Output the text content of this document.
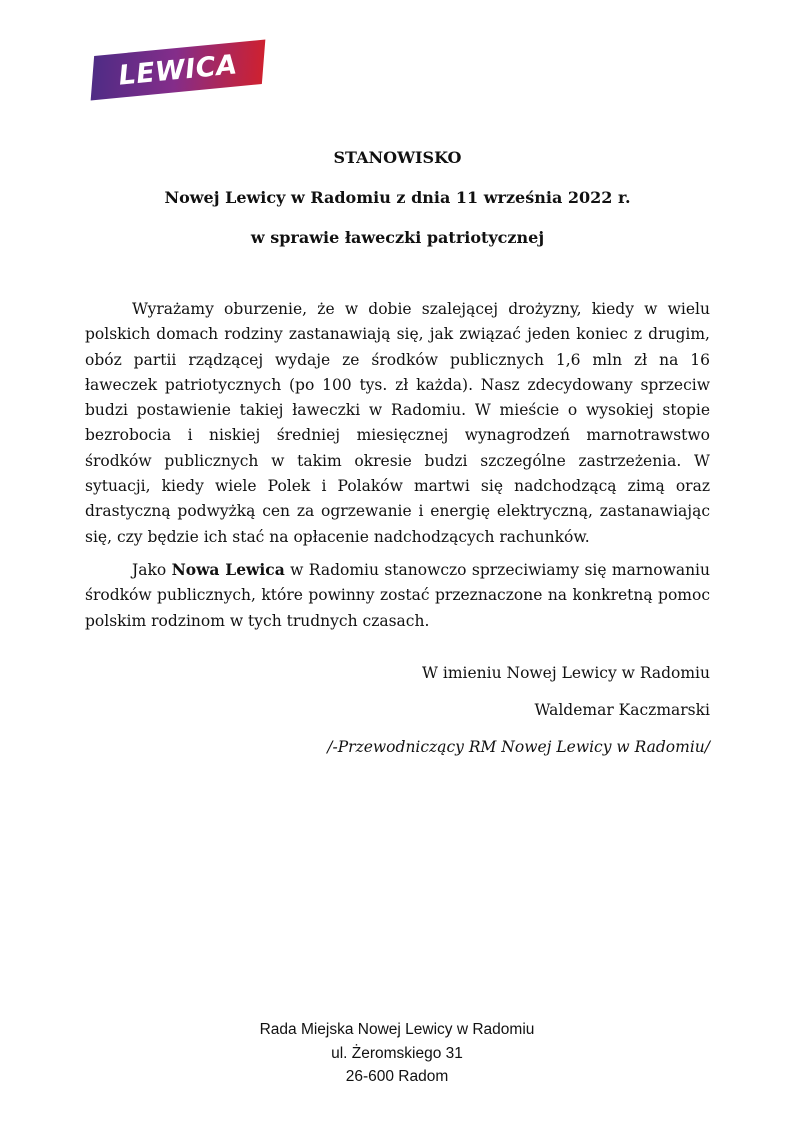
LEWICA

STANOWISKO

Nowej Lewicy w Radomiu z dnia 11 września 2022 r.

w sprawie ławeczki patriotycznej

Wyrażamy oburzenie, że w dobie szalejącej drożyzny, kiedy w wielu polskich domach rodziny zastanawiają się, jak związać jeden koniec z drugim, obóz partii rządzącej wydaje ze środków publicznych 1,6 mln zł na 16 ławeczek patriotycznych (po 100 tys. zł każda). Nasz zdecydowany sprzeciw budzi postawienie takiej ławeczki w Radomiu. W mieście o wysokiej stopie bezrobocia i niskiej średniej miesięcznej wynagrodzeń marnotrawstwo środków publicznych w takim okresie budzi szczególne zastrzeżenia. W sytuacji, kiedy wiele Polek i Polaków martwi się nadchodzącą zimą oraz drastyczną podwyżką cen za ogrzewanie i energię elektryczną, zastanawiając się, czy będzie ich stać na opłacenie nadchodzących rachunków.

Jako Nowa Lewica w Radomiu stanowczo sprzeciwiamy się marnowaniu środków publicznych, które powinny zostać przeznaczone na konkretną pomoc polskim rodzinom w tych trudnych czasach.

W imieniu Nowej Lewicy w Radomiu

Waldemar Kaczmarski

/-Przewodniczący RM Nowej Lewicy w Radomiu/

Rada Miejska Nowej Lewicy w Radomiu

ul. Żeromskiego 31

26-600 Radom
